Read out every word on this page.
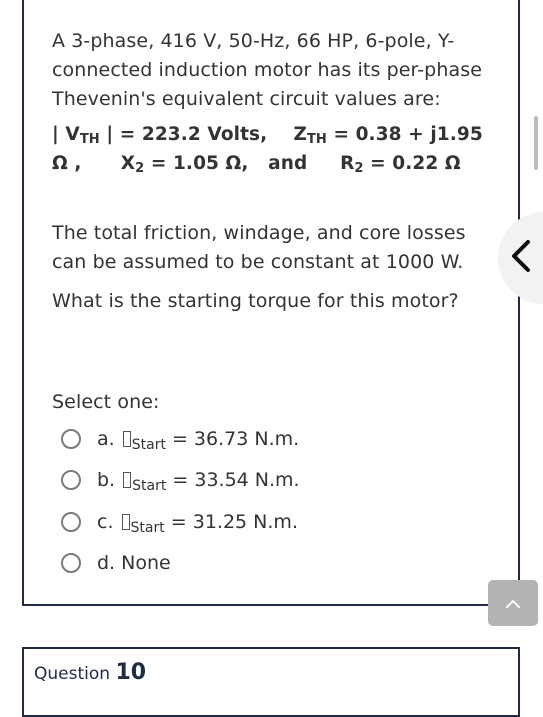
A 3-phase, 416 V, 50-Hz, 66 HP, 6-pole, Y-connected induction motor has its per-phase Thevenin's equivalent circuit values are:
| $V_{TH}$ | = 223.2 Volts, $Z_{TH} = 0.38 + j1.95$ Ω , $X_2 = 1.05$ Ω, and $R_2 = 0.22$ Ω
The total friction, windage, and core losses can be assumed to be constant at 1000 W.
What is the starting torque for this motor?
Select one:
a. $_{Start}$ = 36.73 N.m.
b. $_{Start}$ = 33.54 N.m.
c. $_{Start}$ = 31.25 N.m.
d. None
Question 10
